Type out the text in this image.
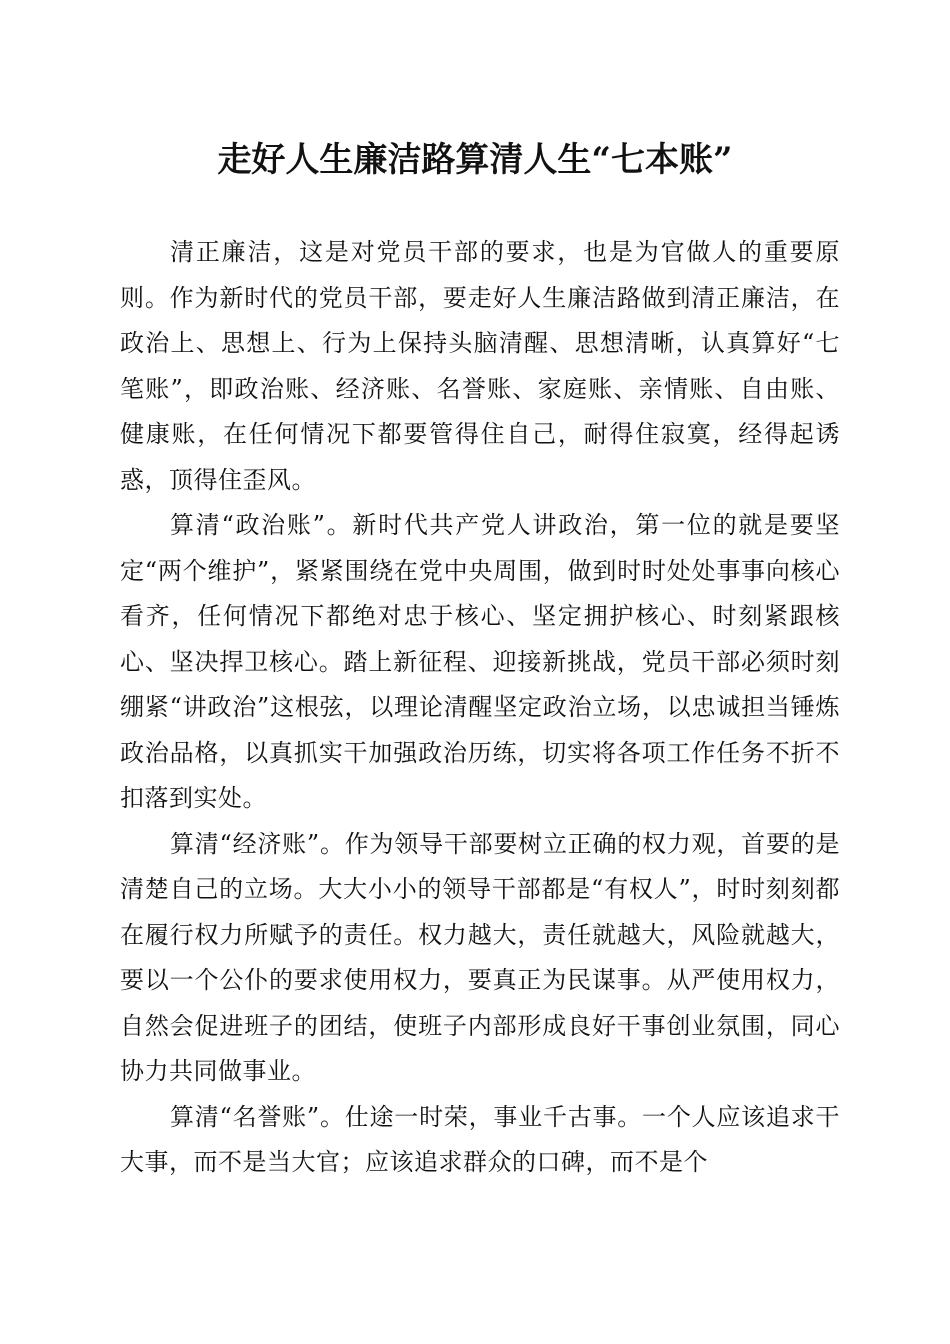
走好人生廉洁路算清人生“七本账”

清正廉洁，这是对党员干部的要求，也是为官做人的重要原则。作为新时代的党员干部，要走好人生廉洁路做到清正廉洁，在政治上、思想上、行为上保持头脑清醒、思想清晰，认真算好“七笔账”，即政治账、经济账、名誉账、家庭账、亲情账、自由账、健康账，在任何情况下都要管得住自己，耐得住寂寞，经得起诱惑，顶得住歪风。

算清“政治账”。新时代共产党人讲政治，第一位的就是要坚定“两个维护”，紧紧围绕在党中央周围，做到时时处处事事向核心看齐，任何情况下都绝对忠于核心、坚定拥护核心、时刻紧跟核心、坚决捍卫核心。踏上新征程、迎接新挑战，党员干部必须时刻绷紧“讲政治”这根弦，以理论清醒坚定政治立场，以忠诚担当锤炼政治品格，以真抓实干加强政治历练，切实将各项工作任务不折不扣落到实处。

算清“经济账”。作为领导干部要树立正确的权力观，首要的是清楚自己的立场。大大小小的领导干部都是“有权人”，时时刻刻都在履行权力所赋予的责任。权力越大，责任就越大，风险就越大，要以一个公仆的要求使用权力，要真正为民谋事。从严使用权力，自然会促进班子的团结，使班子内部形成良好干事创业氛围，同心协力共同做事业。

算清“名誉账”。仕途一时荣，事业千古事。一个人应该追求干大事，而不是当大官；应该追求群众的口碑，而不是个
